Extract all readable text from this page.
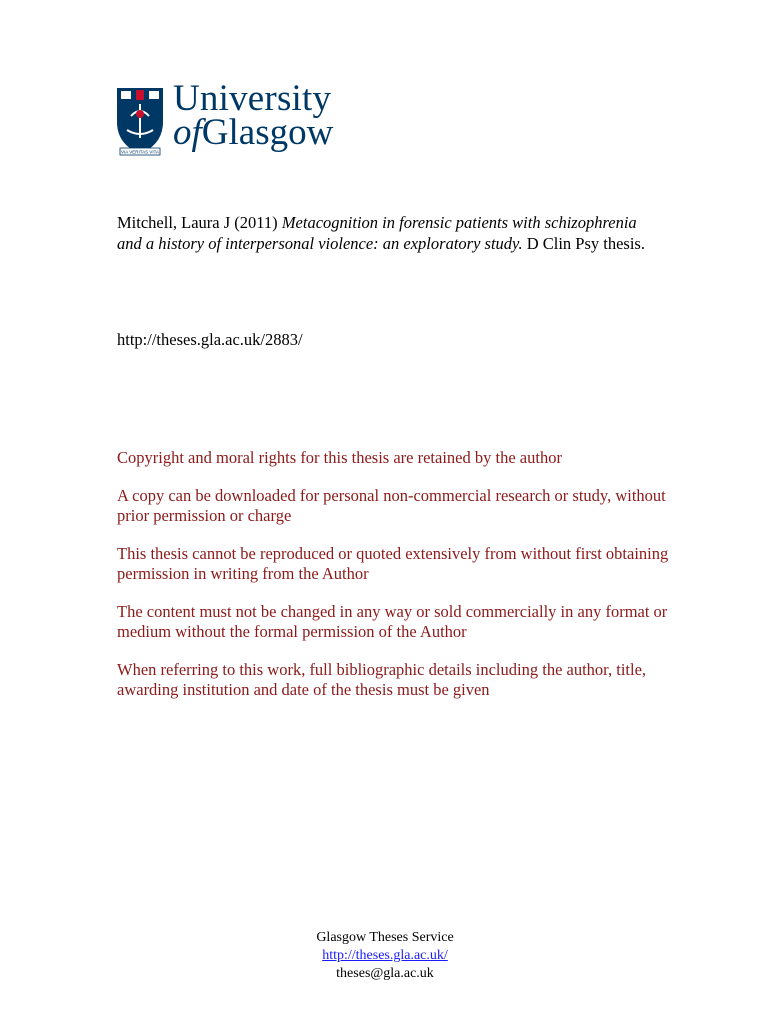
VIA VERITAS VITA
University
ofGlasgow
Mitchell, Laura J (2011) Metacognition in forensic patients with schizophrenia and a history of interpersonal violence: an exploratory study. D Clin Psy thesis.
http://theses.gla.ac.uk/2883/

Copyright and moral rights for this thesis are retained by the author

A copy can be downloaded for personal non-commercial research or study, without prior permission or charge

This thesis cannot be reproduced or quoted extensively from without first obtaining permission in writing from the Author

The content must not be changed in any way or sold commercially in any format or medium without the formal permission of the Author

When referring to this work, full bibliographic details including the author, title, awarding institution and date of the thesis must be given

Glasgow Theses Service
http://theses.gla.ac.uk/
theses@gla.ac.uk
